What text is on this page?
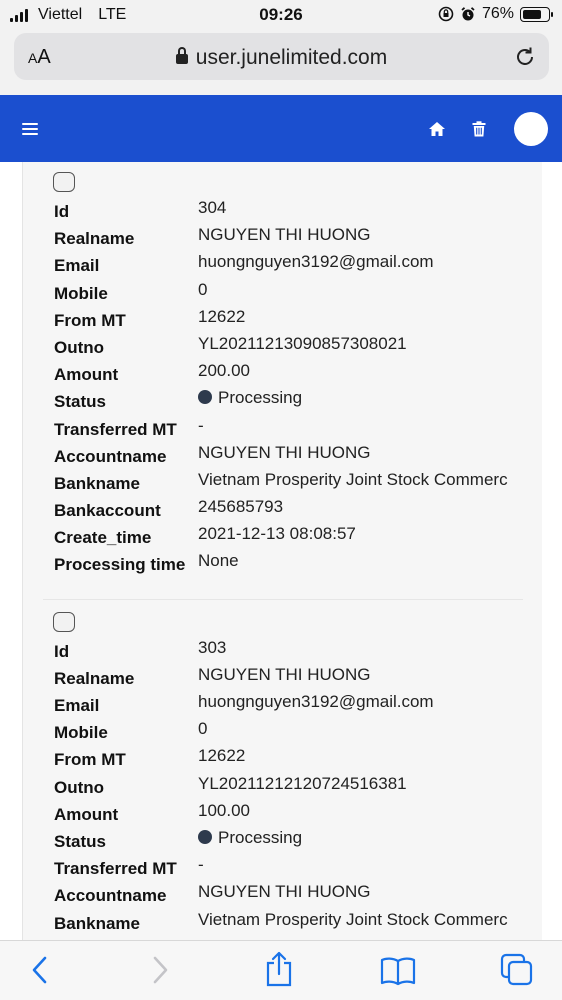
Viettel LTE	09:26	76%
AA	user.junelimited.com
Id	304
Realname	NGUYEN THI HUONG
Email	huongnguyen3192@gmail.com
Mobile	0
From MT	12622
Outno	YL20211213090857308021
Amount	200.00
Status	Processing
Transferred MT -
Accountname NGUYEN THI HUONG
Bankname	Vietnam Prosperity Joint Stock Commerc
Bankaccount 245685793
Create_time	2021-12-13 08:08:57
Processing time None
Id	303
Realname	NGUYEN THI HUONG
Email	huongnguyen3192@gmail.com
Mobile	0
From MT	12622
Outno	YL20211212120724516381
Amount	100.00
Status	Processing
Transferred MT -
Accountname NGUYEN THI HUONG
Bankname	Vietnam Prosperity Joint Stock Commerc
